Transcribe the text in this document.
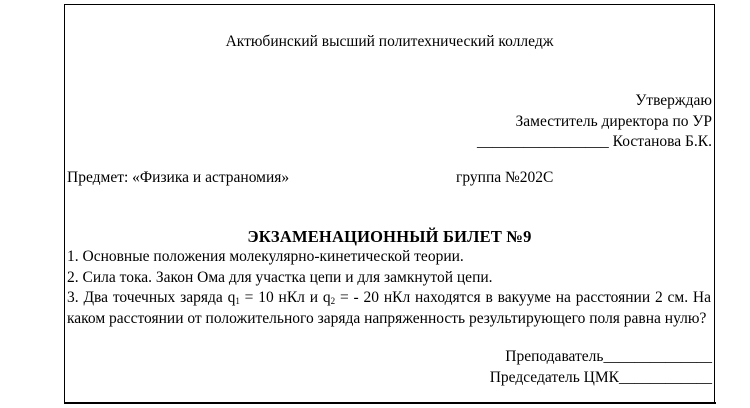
Актюбинский высший политехнический колледж
Утверждаю
Заместитель директора по УР
_________________ Костанова Б.К.
Предмет: «Физика и астраномия»	группа №202С
ЭКЗАМЕНАЦИОННЫЙ БИЛЕТ №9
1. Основные положения молекулярно-кинетической теории.
2. Сила тока. Закон Ома для участка цепи и для замкнутой цепи.
3. Два точечных заряда $q_1 = 10$ нКл и $q_2$ = - 20 нКл находятся в вакууме на расстоянии 2 см. На каком расстоянии от положительного заряда напряженность результирующего поля равна нулю?
Преподаватель______________
Председатель ЦМК____________
